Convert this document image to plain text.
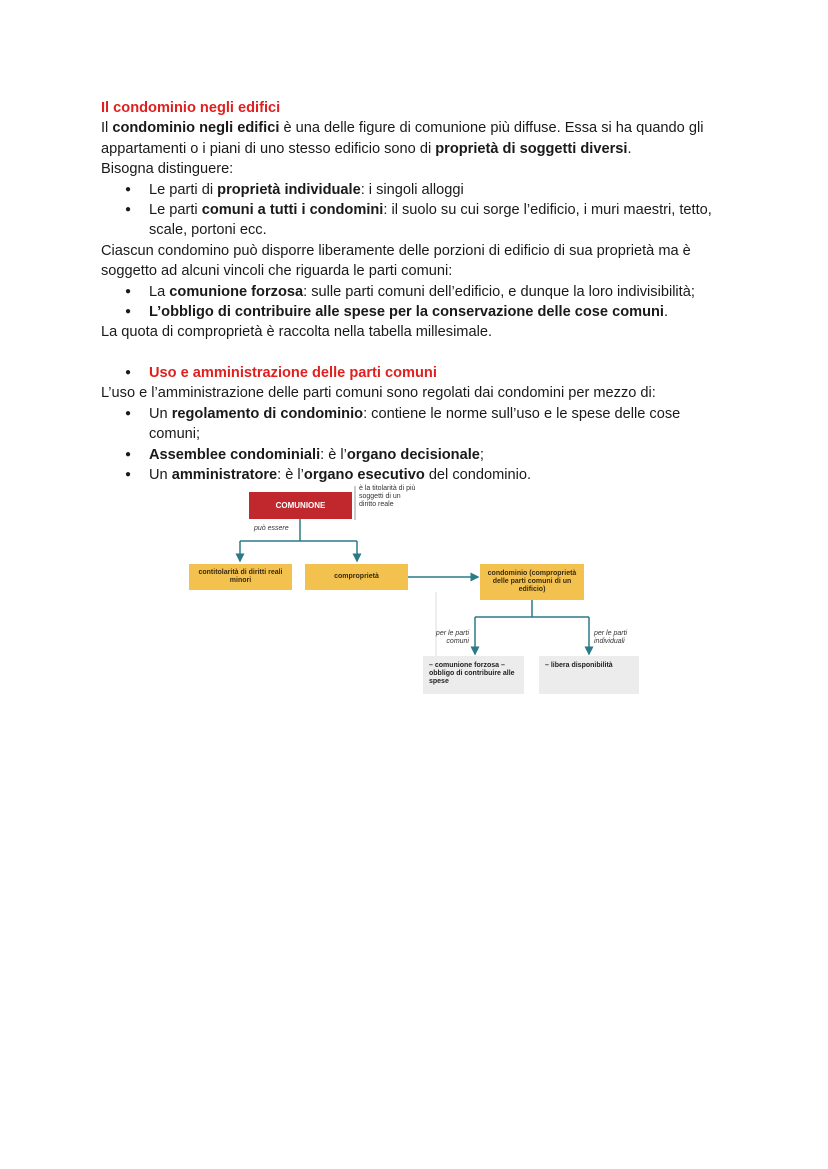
Il condominio negli edifici
Il condominio negli edifici è una delle figure di comunione più diffuse. Essa si ha quando gli appartamenti o i piani di uno stesso edificio sono di proprietà di soggetti diversi.
Bisogna distinguere:
● Le parti di proprietà individuale: i singoli alloggi
● Le parti comuni a tutti i condomini: il suolo su cui sorge l’edificio, i muri maestri, tetto, scale, portoni ecc.
Ciascun condomino può disporre liberamente delle porzioni di edificio di sua proprietà ma è soggetto ad alcuni vincoli che riguarda le parti comuni:
● La comunione forzosa: sulle parti comuni dell’edificio, e dunque la loro indivisibilità;
● L’obbligo di contribuire alle spese per la conservazione delle cose comuni.
La quota di comproprietà è raccolta nella tabella millesimale.
● Uso e amministrazione delle parti comuni
L’uso e l’amministrazione delle parti comuni sono regolati dai condomini per mezzo di:
● Un regolamento di condominio: contiene le norme sull’uso e le spese delle cose comuni;
● Assemblee condominiali: è l’organo decisionale;
● Un amministratore: è l’organo esecutivo del condominio.
COMUNIONE
è la titolarità di più soggetti di un diritto reale
può essere
contitolarità di diritti reali minori
comproprietà	condominio (comproprietà delle parti comuni di un edificio)
per le parti comuni
per le parti individuali
– comunione forzosa – obbligo di contribuire alle spese
– libera disponibilità
